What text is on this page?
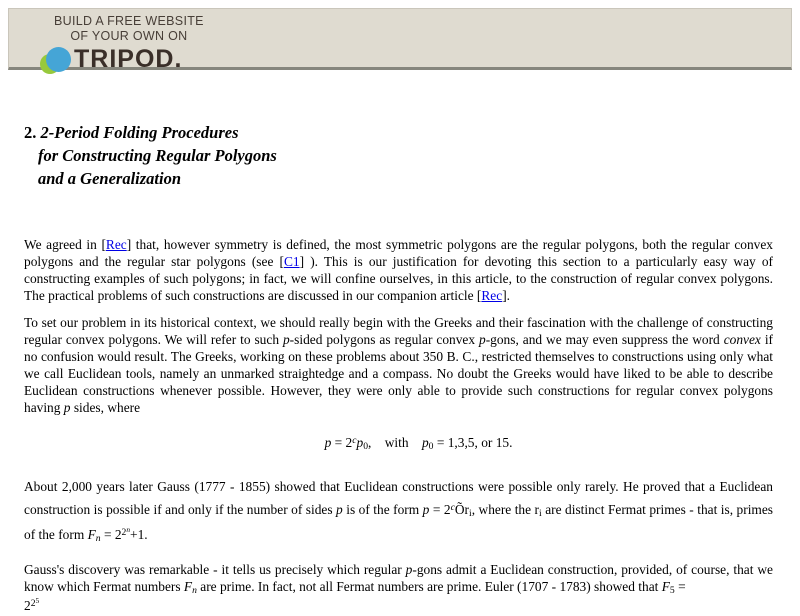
BUILD A FREE WEBSITE
OF YOUR OWN ON
TRIPOD.
2. 2-Period Folding Procedures
for Constructing Regular Polygons
and a Generalization

We agreed in [Rec] that, however symmetry is defined, the most symmetric polygons are the regular polygons, both the regular convex polygons and the regular star polygons (see [C1] ). This is our justification for devoting this section to a particularly easy way of constructing examples of such polygons; in fact, we will confine ourselves, in this article, to the construction of regular convex polygons. The practical problems of such constructions are discussed in our companion article [Rec].

To set our problem in its historical context, we should really begin with the Greeks and their fascination with the challenge of constructing regular convex polygons. We will refer to such p-sided polygons as regular convex p-gons, and we may even suppress the word convex if no confusion would result. The Greeks, working on these problems about 350 B. C., restricted themselves to constructions using only what we call Euclidean tools, namely an unmarked straightedge and a compass. No doubt the Greeks would have liked to be able to describe Euclidean constructions whenever possible. However, they were only able to provide such constructions for regular convex polygons having p sides, where

$p = 2^cp0$,    with    p0 = 1,3,5, or 15.

About 2,000 years later Gauss (1777 - 1855) showed that Euclidean constructions were possible only rarely. He proved that a Euclidean construction is possible if and only if the number of sides p is of the form $p = 2^cÕri$, where the ri are distinct Fermat primes - that is, primes of the form $Fn = 2^{2n}+1$.

Gauss's discovery was remarkable - it tells us precisely which regular p-gons admit a Euclidean construction, provided, of course, that we know which Fermat numbers Fn are prime. In fact, not all Fermat numbers are prime. Euler (1707 - 1783) showed that F5 =

$2^{25}$
